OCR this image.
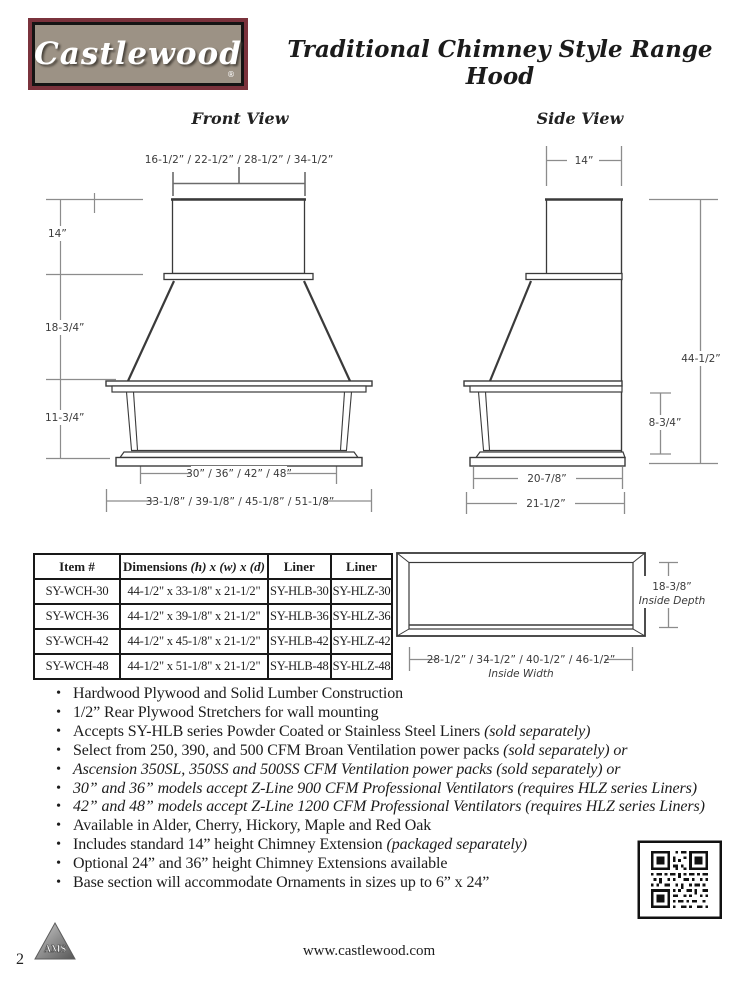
Castlewood
®
Traditional Chimney Style Range Hood
Front View	Side View
16-1/2” / 22-1/2” / 28-1/2” / 34-1/2”
14”
18-3/4”
11-3/4”
30” / 36” / 42” / 48”
33-1/8” / 39-1/8” / 45-1/8” / 51-1/8”
14”
44-1/2”
8-3/4”
20-7/8”
21-1/2”
Item #	Dimensions (h) x (w) x (d)	Liner	Liner
SY-WCH-30	44-1/2" x 33-1/8" x 21-1/2"	SY-HLB-30	SY-HLZ-30
SY-WCH-36	44-1/2" x 39-1/8" x 21-1/2"	SY-HLB-36	SY-HLZ-36
SY-WCH-42	44-1/2" x 45-1/8" x 21-1/2"	SY-HLB-42	SY-HLZ-42
SY-WCH-48	44-1/2" x 51-1/8" x 21-1/2"	SY-HLB-48	SY-HLZ-48
18-3/8”
Inside Depth
28-1/2” / 34-1/2” / 40-1/2” / 46-1/2”
Inside Width
• Hardwood Plywood and Solid Lumber Construction
• 1/2” Rear Plywood Stretchers for wall mounting
• Accepts SY-HLB series Powder Coated or Stainless Steel Liners (sold separately)
• Select from 250, 390, and 500 CFM Broan Ventilation power packs (sold separately) or
• Ascension 350SL, 350SS and 500SS CFM Ventilation power packs (sold separately) or
• 30” and 36” models accept Z-Line 900 CFM Professional Ventilators (requires HLZ series Liners)
• 42” and 48” models accept Z-Line 1200 CFM Professional Ventilators (requires HLZ series Liners)
• Available in Alder, Cherry, Hickory, Maple and Red Oak
• Includes standard 14” height Chimney Extension (packaged separately)
• Optional 24” and 36” height Chimney Extensions available
• Base section will accommodate Ornaments in sizes up to 6” x 24”
AMS
2	www.castlewood.com
